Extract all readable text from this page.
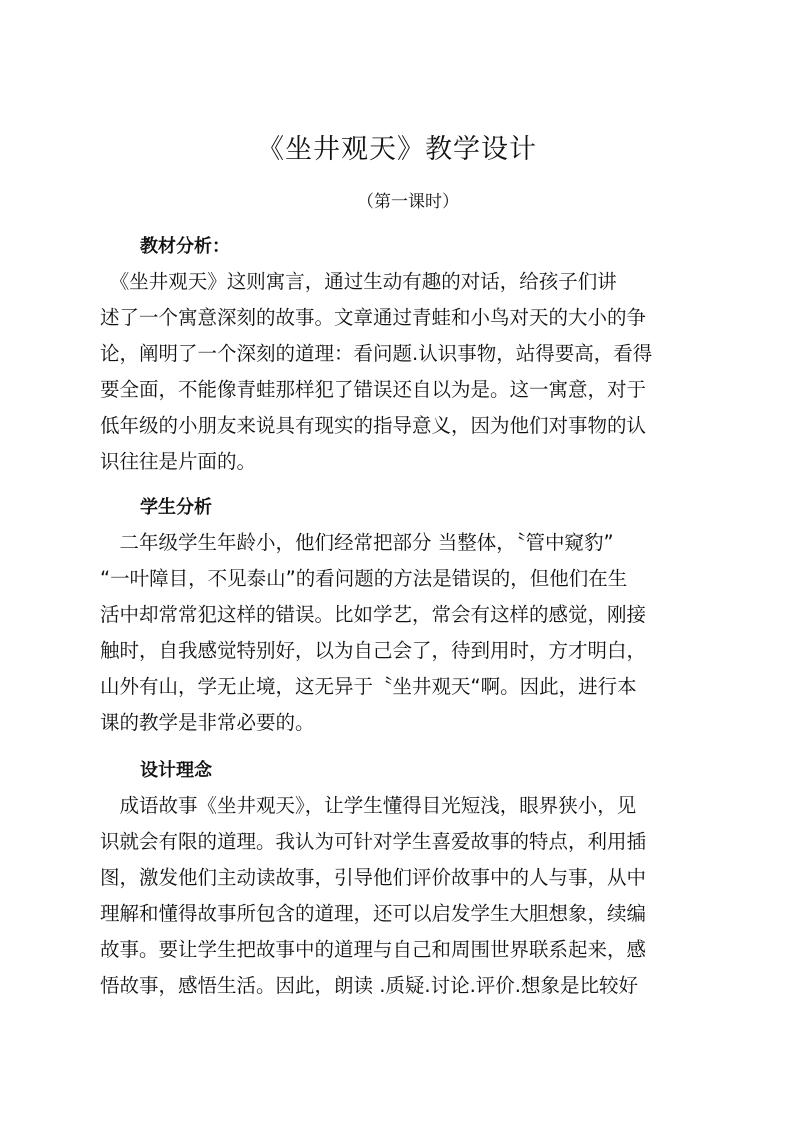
《坐井观天》教学设计
（第一课时）
教材分析：
　《坐井观天》这则寓言，通过生动有趣的对话，给孩子们讲
述了一个寓意深刻的故事。文章通过青蛙和小鸟对天的大小的争
论，阐明了一个深刻的道理：看问题.认识事物，站得要高，看得
要全面，不能像青蛙那样犯了错误还自以为是。这一寓意，对于
低年级的小朋友来说具有现实的指导意义，因为他们对事物的认
识往往是片面的。
学生分析
　二年级学生年龄小，他们经常把部分 当整体，〝管中窥豹”
“一叶障目，不见泰山”的看问题的方法是错误的，但他们在生
活中却常常犯这样的错误。比如学艺，常会有这样的感觉，刚接
触时，自我感觉特别好，以为自己会了，待到用时，方才明白，
山外有山，学无止境，这无异于〝坐井观天“啊。因此，进行本
课的教学是非常必要的。
设计理念
　成语故事《坐井观天》，让学生懂得目光短浅，眼界狭小，见
识就会有限的道理。我认为可针对学生喜爱故事的特点，利用插
图，激发他们主动读故事，引导他们评价故事中的人与事，从中
理解和懂得故事所包含的道理，还可以启发学生大胆想象，续编
故事。要让学生把故事中的道理与自己和周围世界联系起来，感
悟故事，感悟生活。因此，朗读 .质疑.讨论.评价.想象是比较好
